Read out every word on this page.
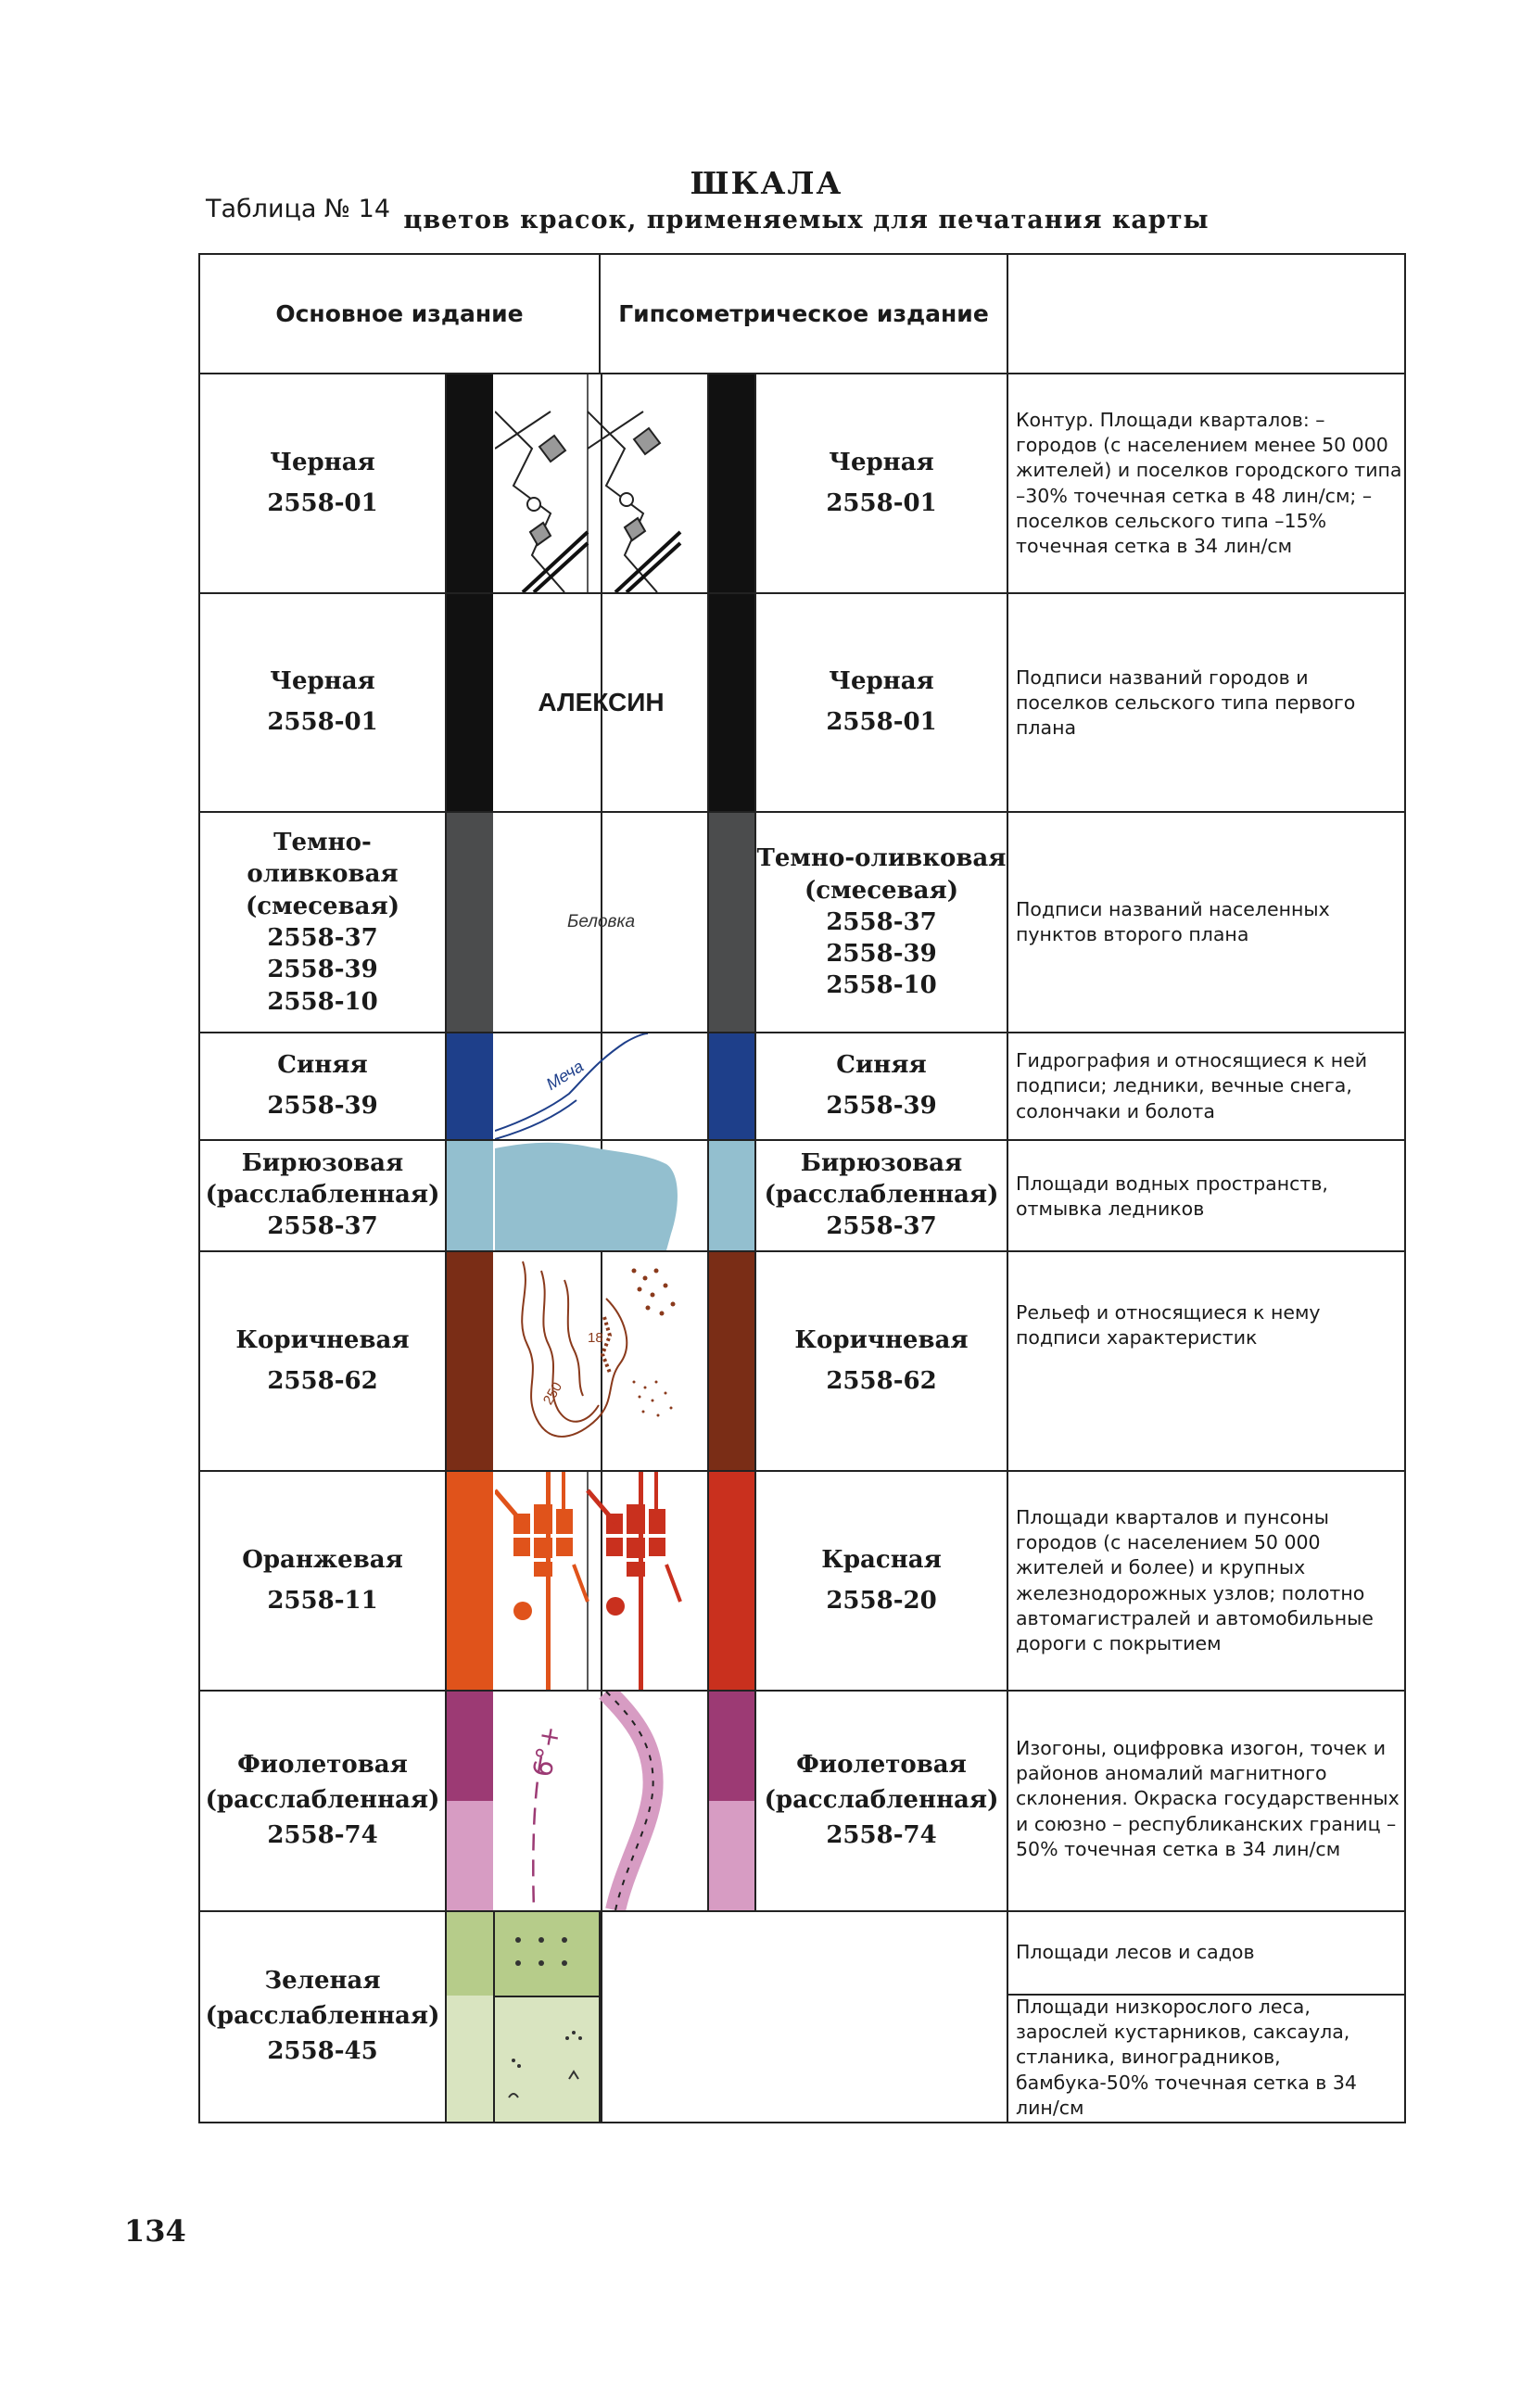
Таблица № 14
ШКАЛА
цветов красок, применяемых для печатания карты
Основное издание	Гипсометрическое издание
Черная
2558-01
Черная
2558-01
Контур. Площади кварталов: –городов (с населением менее 50 000 жителей) и поселков городского типа –30% точечная сетка в 48 лин/см; –поселков сельского типа –15% точечная сетка в 34 лин/см
АЛЕКСИН
Черная
2558-01
Черная
2558-01
Подписи названий городов и поселков сельского типа первого плана
Беловка
Темно-оливковая
(смесевая)
2558-37
2558-39
2558-10
Темно-оливковая
(смесевая)
2558-37
2558-39
2558-10
Подписи названий населенных пунктов второго плана
Меча
Синяя
2558-39
Синяя
2558-39
Гидрография и относящиеся к ней подписи; ледники, вечные снега, солончаки и болота
Бирюзовая
(расслабленная)
2558-37
Бирюзовая
(расслабленная)
2558-37
Площади водных пространств, отмывка ледников
18
250
Коричневая
2558-62
Коричневая
2558-62
Рельеф и относящиеся к нему подписи характеристик
Оранжевая
2558-11
Красная
2558-20
Площади кварталов и пунсоны городов (с населением 50 000 жителей и более) и крупных железнодорожных узлов; полотно автомагистралей и автомобильные дороги с покрытием
6°+
Фиолетовая
(расслабленная)
2558-74
Фиолетовая
(расслабленная)
2558-74
Изогоны, оцифровка изогон, точек и районов аномалий магнитного склонения. Окраска государственных и союзно – республиканских границ – 50% точечная сетка в 34 лин/см
Зеленая
(расслабленная)
2558-45
Площади лесов и садов
Площади низкорослого леса, зарослей кустарников, саксаула, стланика, виноградников, бамбука-50% точечная сетка в 34 лин/см
134
